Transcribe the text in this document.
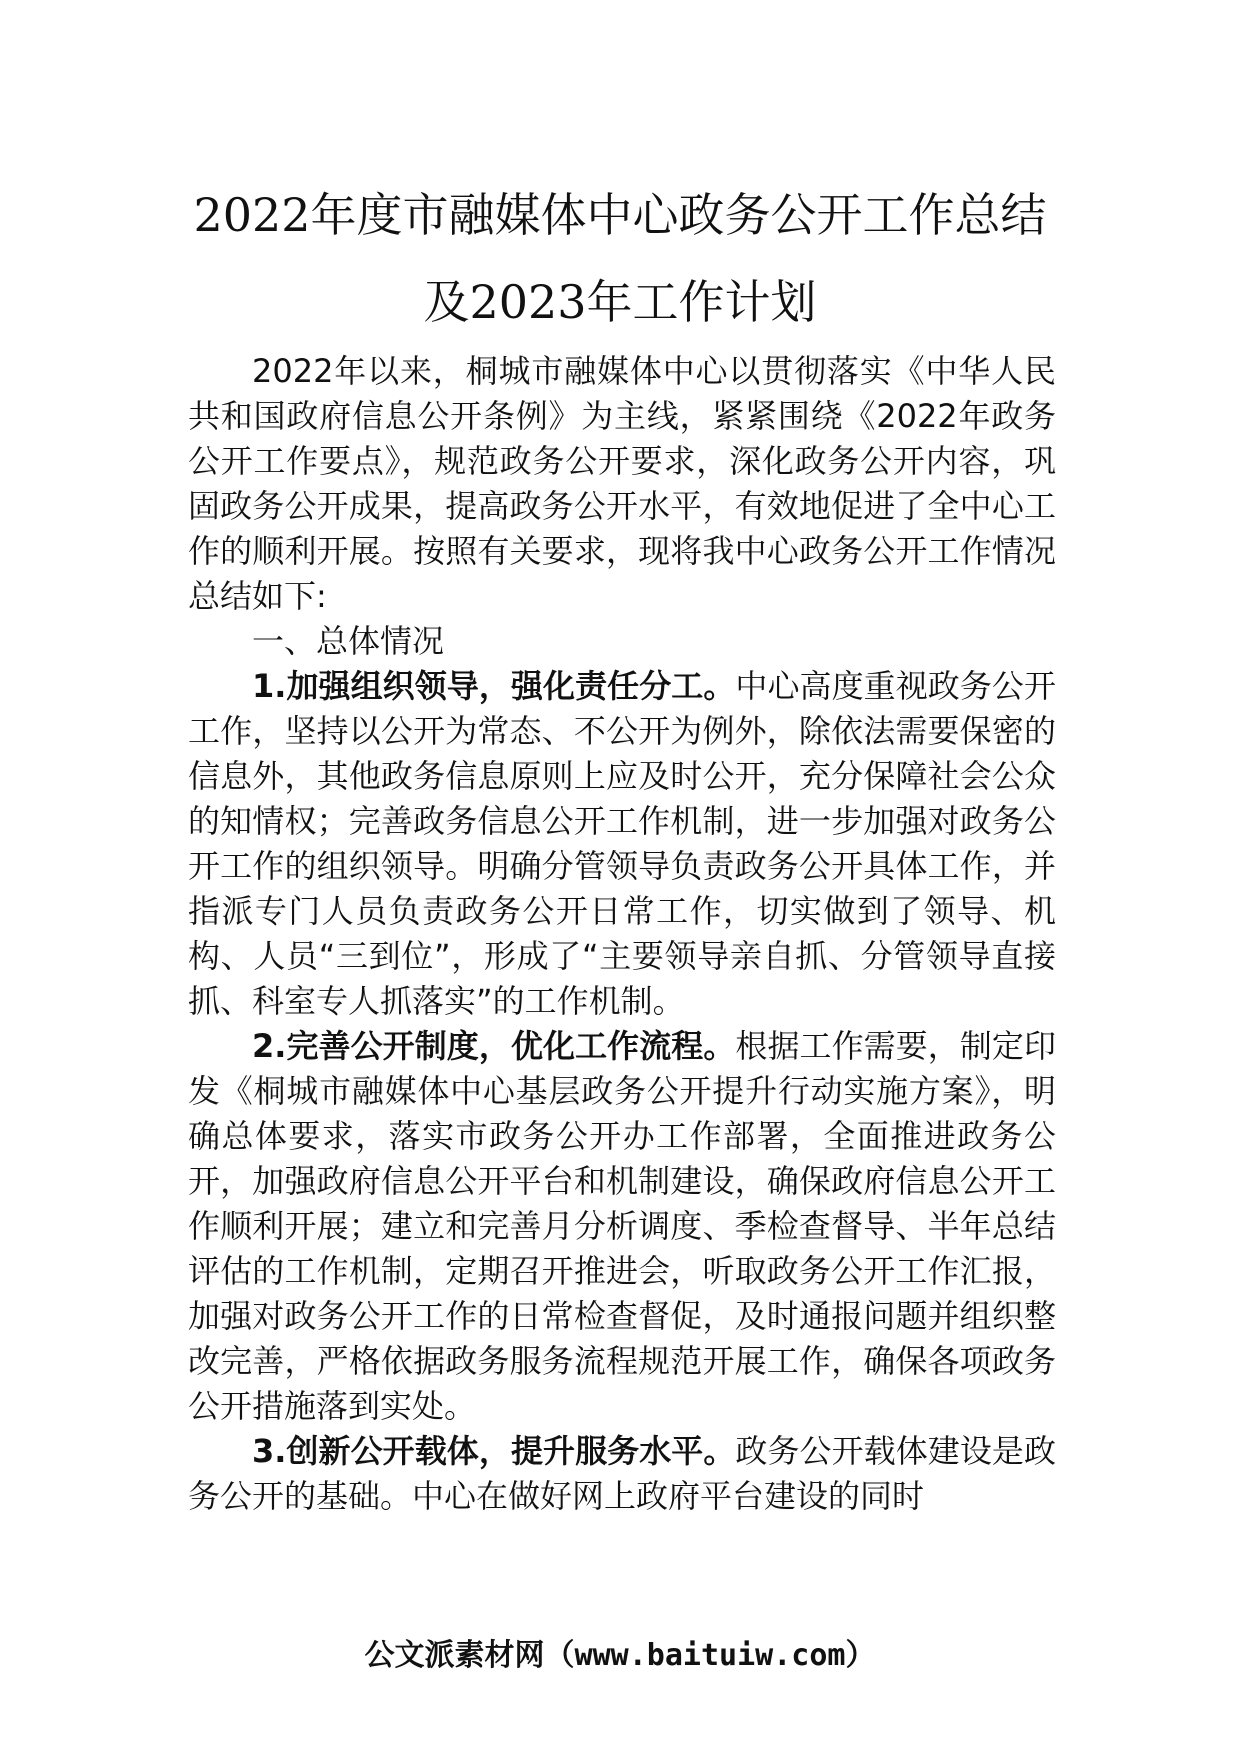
2022年度市融媒体中心政务公开工作总结
及2023年工作计划

2022年以来，桐城市融媒体中心以贯彻落实《中华人民共和国政府信息公开条例》为主线，紧紧围绕《2022年政务公开工作要点》，规范政务公开要求，深化政务公开内容，巩固政务公开成果，提高政务公开水平，有效地促进了全中心工作的顺利开展。按照有关要求，现将我中心政务公开工作情况总结如下:

一、总体情况

1.加强组织领导，强化责任分工。中心高度重视政务公开工作，坚持以公开为常态、不公开为例外，除依法需要保密的信息外，其他政务信息原则上应及时公开，充分保障社会公众的知情权；完善政务信息公开工作机制，进一步加强对政务公开工作的组织领导。明确分管领导负责政务公开具体工作，并指派专门人员负责政务公开日常工作，切实做到了领导、机构、人员“三到位”，形成了“主要领导亲自抓、分管领导直接抓、科室专人抓落实”的工作机制。

2.完善公开制度，优化工作流程。根据工作需要，制定印发《桐城市融媒体中心基层政务公开提升行动实施方案》，明确总体要求，落实市政务公开办工作部署，全面推进政务公开，加强政府信息公开平台和机制建设，确保政府信息公开工作顺利开展；建立和完善月分析调度、季检查督导、半年总结评估的工作机制，定期召开推进会，听取政务公开工作汇报，加强对政务公开工作的日常检查督促，及时通报问题并组织整改完善，严格依据政务服务流程规范开展工作，确保各项政务公开措施落到实处。

3.创新公开载体，提升服务水平。政务公开载体建设是政务公开的基础。中心在做好网上政府平台建设的同时

公文派素材网（www.baituiw.com）
